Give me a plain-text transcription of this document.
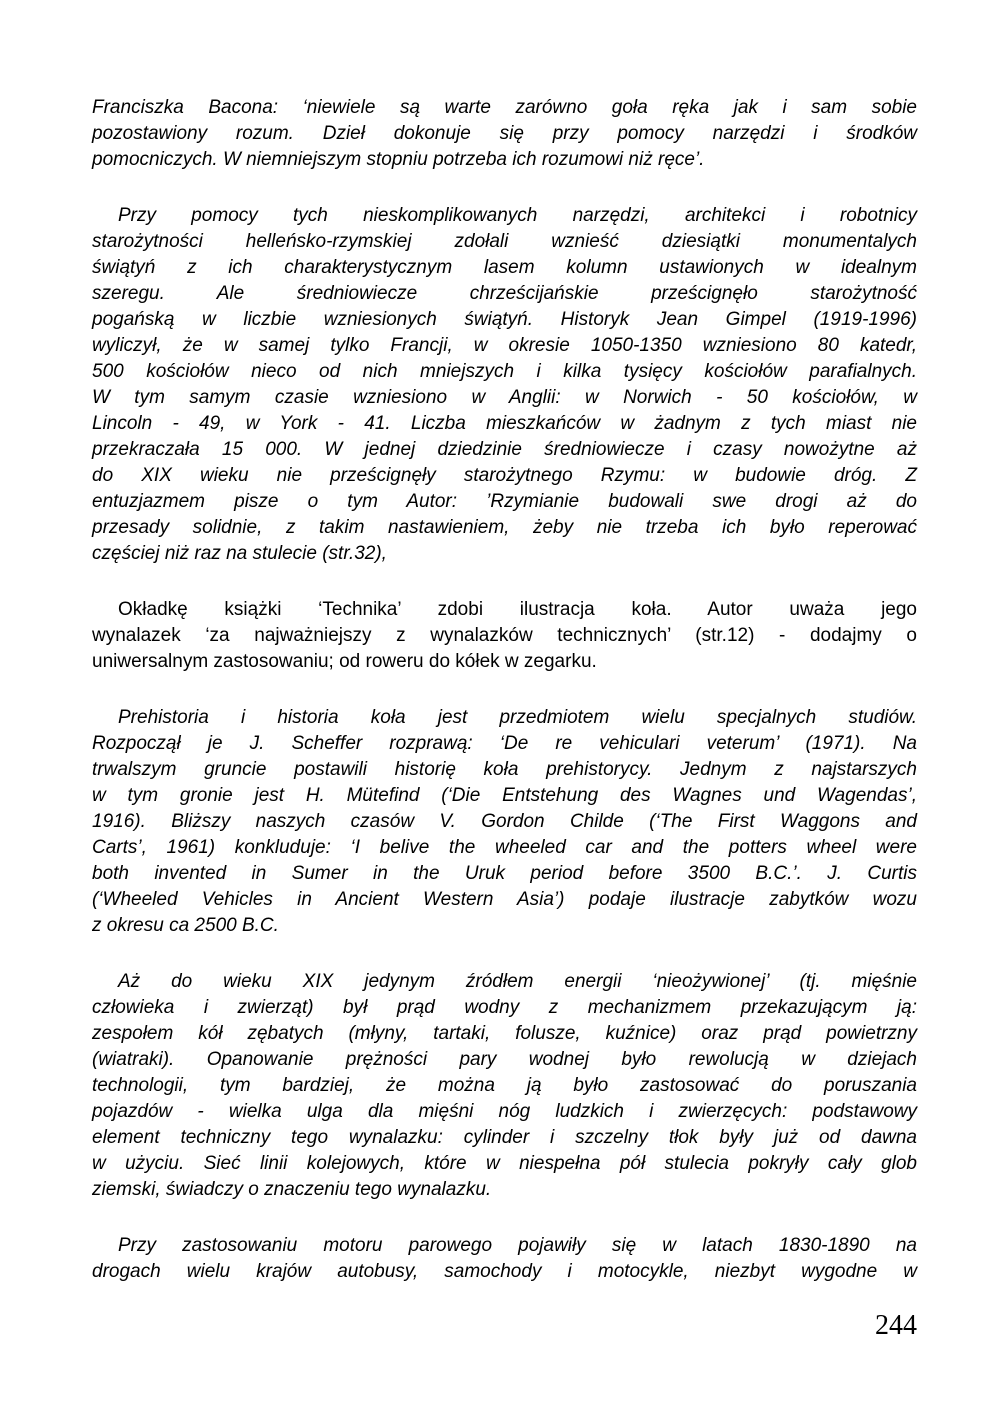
Franciszka Bacona: ‘niewiele są warte zarówno goła ręka jak i sam sobie
pozostawiony rozum. Dzieł dokonuje się przy pomocy narzędzi i środków
pomocniczych. W niemniejszym stopniu potrzeba ich rozumowi niż ręce’.

Przy pomocy tych nieskomplikowanych narzędzi, architekci i robotnicy
starożytności helleńsko-rzymskiej zdołali wznieść dziesiątki monumentalych
świątyń z ich charakterystycznym lasem kolumn ustawionych w idealnym
szeregu. Ale średniowiecze chrześcijańskie prześcignęło starożytność
pogańską w liczbie wzniesionych świątyń. Historyk Jean Gimpel (1919-1996)
wyliczył, że w samej tylko Francji, w okresie 1050-1350 wzniesiono 80 katedr,
500 kościołów nieco od nich mniejszych i kilka tysięcy kościołów parafialnych.
W tym samym czasie wzniesiono w Anglii: w Norwich - 50 kościołów, w
Lincoln - 49, w York - 41. Liczba mieszkańców w żadnym z tych miast nie
przekraczała 15 000. W jednej dziedzinie średniowiecze i czasy nowożytne aż
do XIX wieku nie prześcignęły starożytnego Rzymu: w budowie dróg. Z
entuzjazmem pisze o tym Autor: ’Rzymianie budowali swe drogi aż do
przesady solidnie, z takim nastawieniem, żeby nie trzeba ich było reperować
częściej niż raz na stulecie (str.32),

Okładkę książki ‘Technika’ zdobi ilustracja koła. Autor uważa jego
wynalazek ‘za najważniejszy z wynalazków technicznych’ (str.12) - dodajmy o
uniwersalnym zastosowaniu; od roweru do kółek w zegarku.

Prehistoria i historia koła jest przedmiotem wielu specjalnych studiów.
Rozpoczął je J. Scheffer rozprawą: ‘De re vehiculari veterum’ (1971). Na
trwalszym gruncie postawili historię koła prehistorycy. Jednym z najstarszych
w tym gronie jest H. Mütefind (‘Die Entstehung des Wagnes und Wagendas’,
1916). Bliższy naszych czasów V. Gordon Childe (‘The First Waggons and
Carts’, 1961) konkluduje: ‘I belive the wheeled car and the potters wheel were
both invented in Sumer in the Uruk period before 3500 B.C.’. J. Curtis
(‘Wheeled Vehicles in Ancient Western Asia’) podaje ilustracje zabytków wozu
z okresu ca 2500 B.C.

Aż do wieku XIX jedynym źródłem energii ‘nieożywionej’ (tj. mięśnie
człowieka i zwierząt) był prąd wodny z mechanizmem przekazującym ją:
zespołem kół zębatych (młyny, tartaki, folusze, kuźnice) oraz prąd powietrzny
(wiatraki). Opanowanie prężności pary wodnej było rewolucją w dziejach
technologii, tym bardziej, że można ją było zastosować do poruszania
pojazdów - wielka ulga dla mięśni nóg ludzkich i zwierzęcych: podstawowy
element techniczny tego wynalazku: cylinder i szczelny tłok były już od dawna
w użyciu. Sieć linii kolejowych, które w niespełna pół stulecia pokryły cały glob
ziemski, świadczy o znaczeniu tego wynalazku.

Przy zastosowaniu motoru parowego pojawiły się w latach 1830-1890 na
drogach wielu krajów autobusy, samochody i motocykle, niezbyt wygodne w

244
